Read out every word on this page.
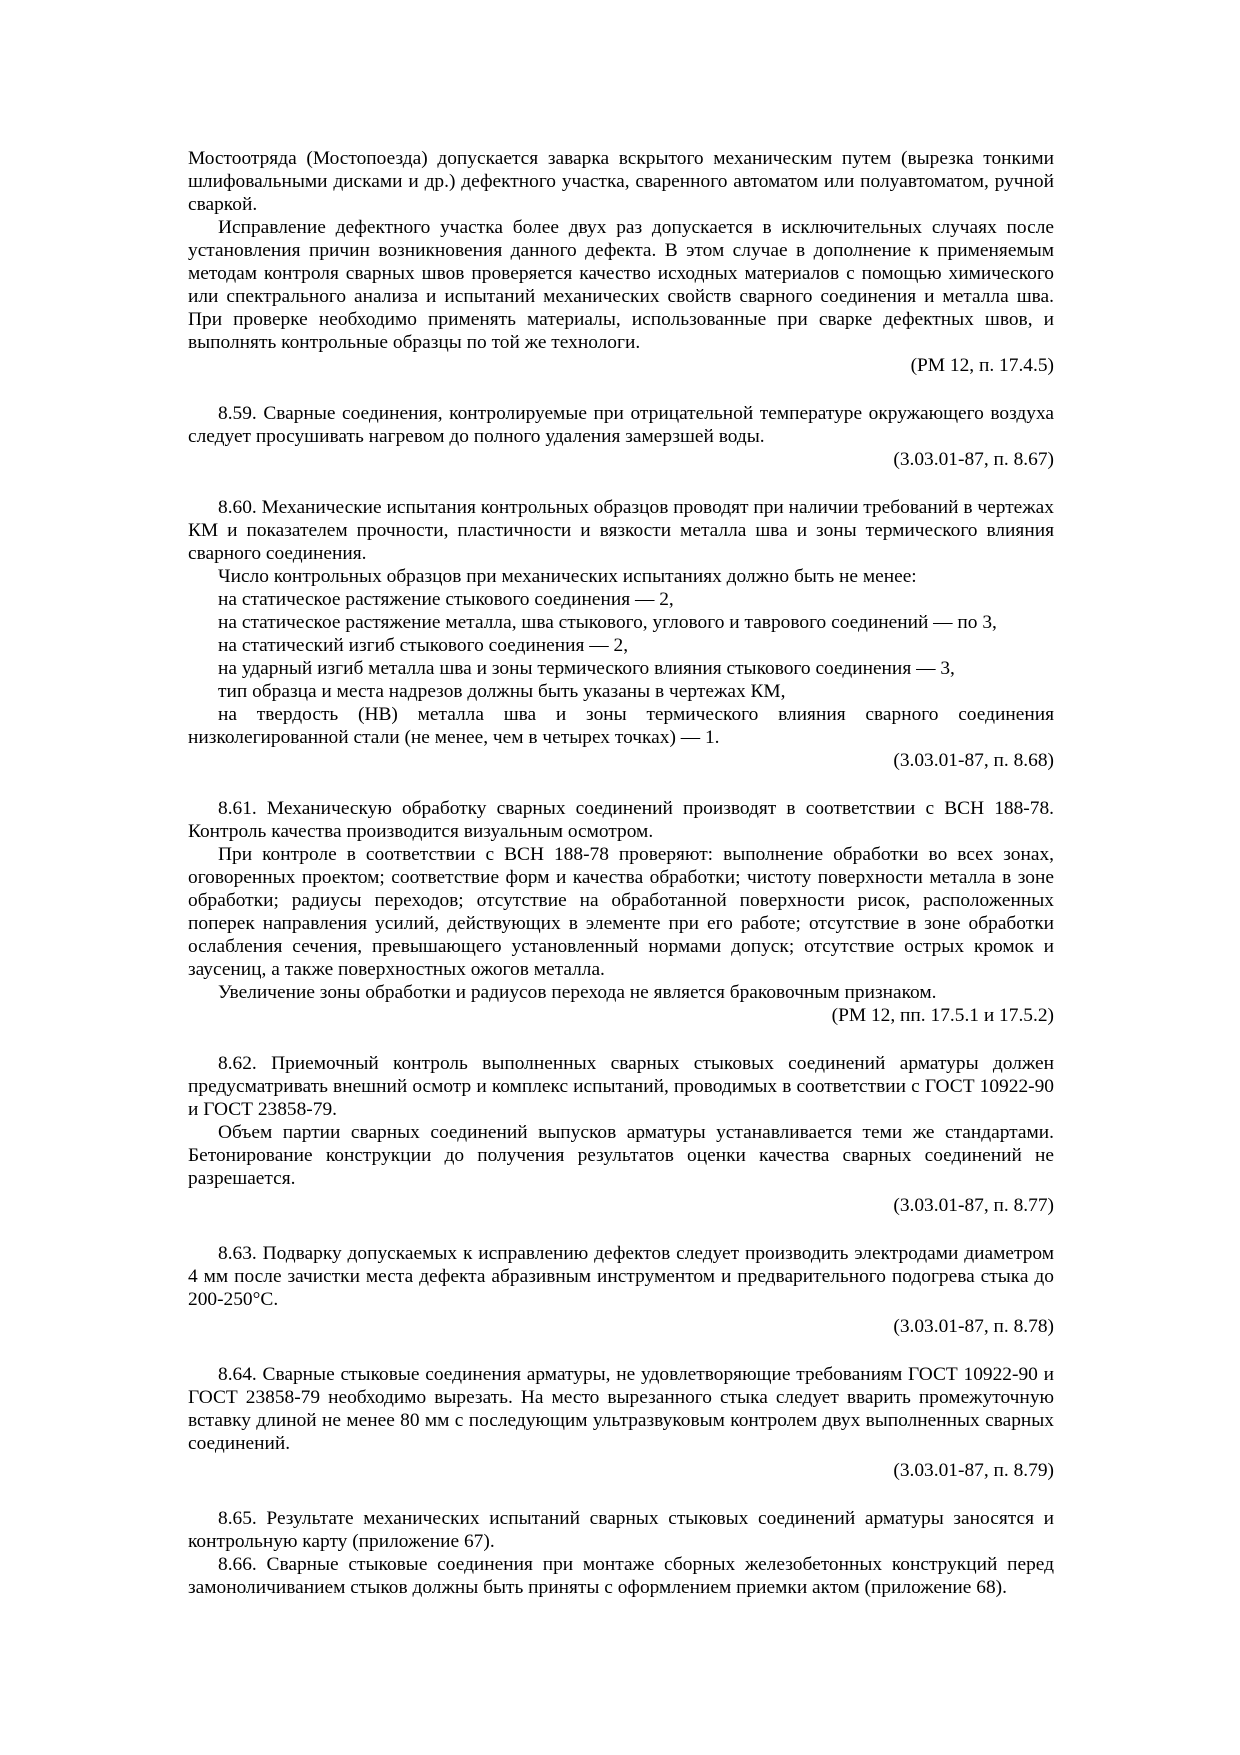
Мостоотряда (Мостопоезда) допускается заварка вскрытого механическим путем (вырезка тонкими шлифовальными дисками и др.) дефектного участка, сваренного автоматом или полуавтоматом, ручной сваркой.

Исправление дефектного участка более двух раз допускается в исключительных случаях после установления причин возникновения данного дефекта. В этом случае в дополнение к применяемым методам контроля сварных швов проверяется качество исходных материалов с помощью химического или спектрального анализа и испытаний механических свойств сварного соединения и металла шва. При проверке необходимо применять материалы, использованные при сварке дефектных швов, и выполнять контрольные образцы по той же технологи.

(РМ 12, п. 17.4.5)

8.59. Сварные соединения, контролируемые при отрицательной температуре окружающего воздуха следует просушивать нагревом до полного удаления замерзшей воды.

(3.03.01-87, п. 8.67)

8.60. Механические испытания контрольных образцов проводят при наличии требований в чертежах КМ и показателем прочности, пластичности и вязкости металла шва и зоны термического влияния сварного соединения.

Число контрольных образцов при механических испытаниях должно быть не менее:

на статическое растяжение стыкового соединения — 2,

на статическое растяжение металла, шва стыкового, углового и таврового соединений — по 3,

на статический изгиб стыкового соединения — 2,

на ударный изгиб металла шва и зоны термического влияния стыкового соединения — 3,

тип образца и места надрезов должны быть указаны в чертежах КМ,

на твердость (НВ) металла шва и зоны термического влияния сварного соединения низколегированной стали (не менее, чем в четырех точках) — 1.

(3.03.01-87, п. 8.68)

8.61. Механическую обработку сварных соединений производят в соответствии с ВСН 188-78. Контроль качества производится визуальным осмотром.

При контроле в соответствии с ВСН 188-78 проверяют: выполнение обработки во всех зонах, оговоренных проектом; соответствие форм и качества обработки; чистоту поверхности металла в зоне обработки; радиусы переходов; отсутствие на обработанной поверхности рисок, расположенных поперек направления усилий, действующих в элементе при его работе; отсутствие в зоне обработки ослабления сечения, превышающего установленный нормами допуск; отсутствие острых кромок и заусениц, а также поверхностных ожогов металла.

Увеличение зоны обработки и радиусов перехода не является браковочным признаком.

(РМ 12, пп. 17.5.1 и 17.5.2)

8.62. Приемочный контроль выполненных сварных стыковых соединений арматуры должен предусматривать внешний осмотр и комплекс испытаний, проводимых в соответствии с ГОСТ 10922-90 и ГОСТ 23858-79.

Объем партии сварных соединений выпусков арматуры устанавливается теми же стандартами. Бетонирование конструкции до получения результатов оценки качества сварных соединений не разрешается.

(3.03.01-87, п. 8.77)

8.63. Подварку допускаемых к исправлению дефектов следует производить электродами диаметром 4 мм после зачистки места дефекта абразивным инструментом и предварительного подогрева стыка до 200-250°С.

(3.03.01-87, п. 8.78)

8.64. Сварные стыковые соединения арматуры, не удовлетворяющие требованиям ГОСТ 10922-90 и ГОСТ 23858-79 необходимо вырезать. На место вырезанного стыка следует вварить промежуточную вставку длиной не менее 80 мм с последующим ультразвуковым контролем двух выполненных сварных соединений.

(3.03.01-87, п. 8.79)

8.65. Результате механических испытаний сварных стыковых соединений арматуры заносятся и контрольную карту (приложение 67).

8.66. Сварные стыковые соединения при монтаже сборных железобетонных конструкций перед замоноличиванием стыков должны быть приняты с оформлением приемки актом (приложение 68).
